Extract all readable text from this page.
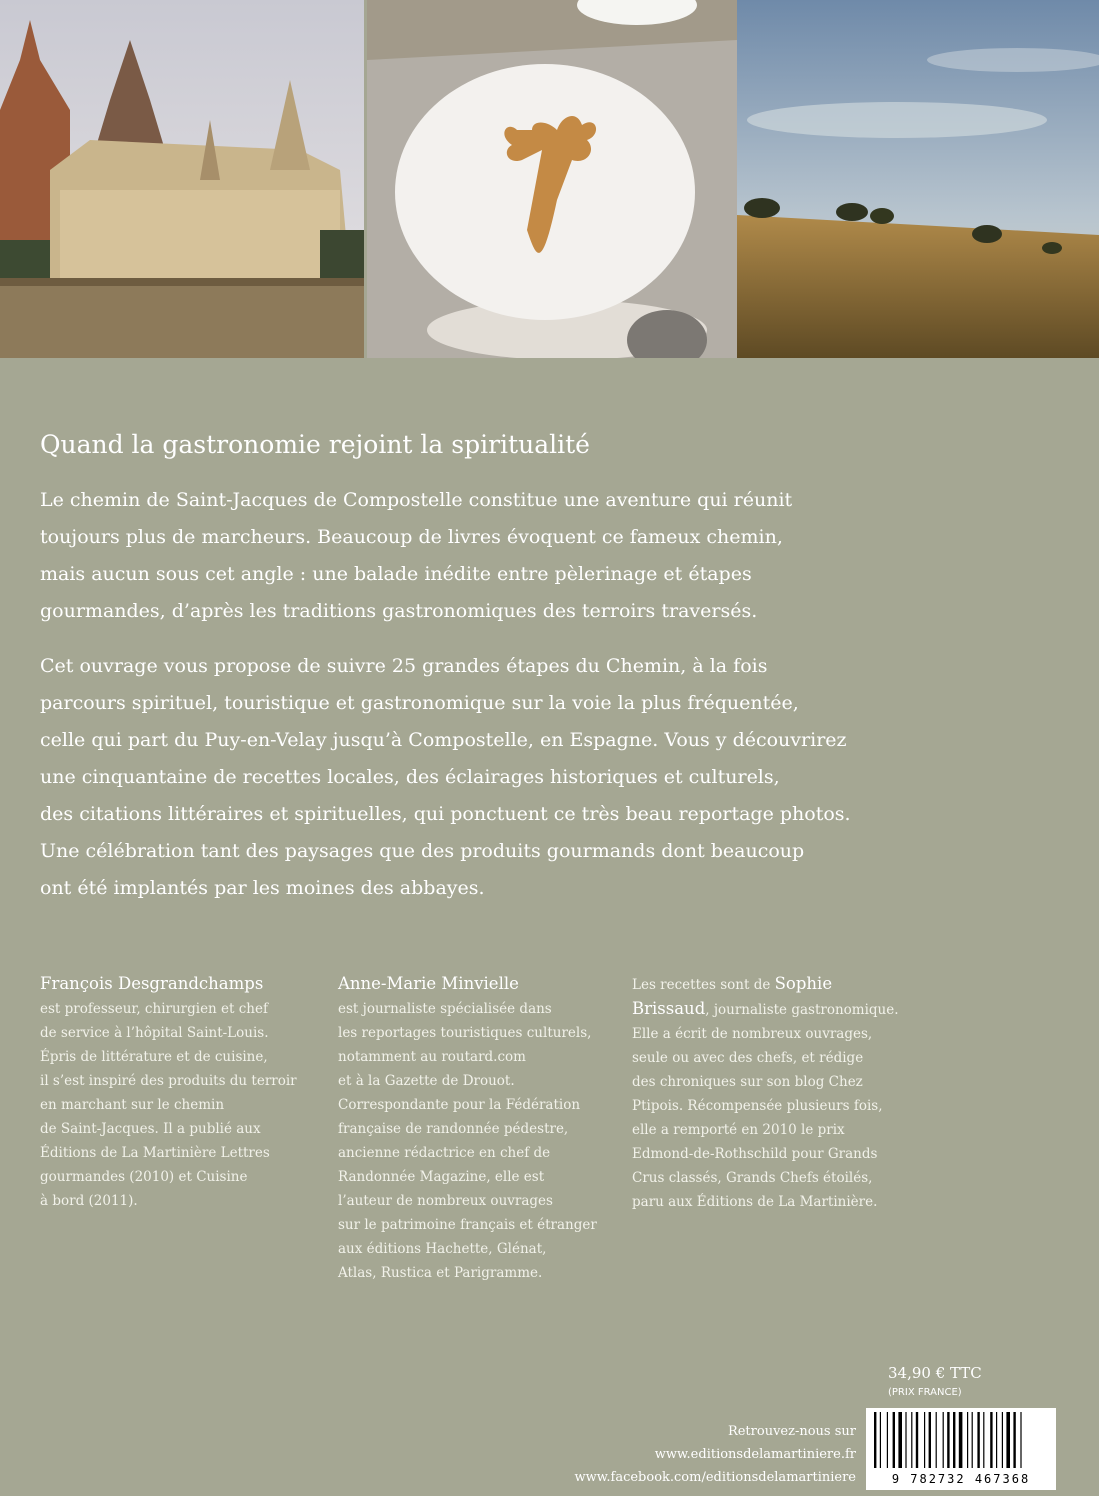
Quand la gastronomie rejoint la spiritualité

Le chemin de Saint-Jacques de Compostelle constitue une aventure qui réunit
toujours plus de marcheurs. Beaucoup de livres évoquent ce fameux chemin,
mais aucun sous cet angle : une balade inédite entre pèlerinage et étapes
gourmandes, d’après les traditions gastronomiques des terroirs traversés.

Cet ouvrage vous propose de suivre 25 grandes étapes du Chemin, à la fois
parcours spirituel, touristique et gastronomique sur la voie la plus fréquentée,
celle qui part du Puy-en-Velay jusqu’à Compostelle, en Espagne. Vous y découvrirez
une cinquantaine de recettes locales, des éclairages historiques et culturels,
des citations littéraires et spirituelles, qui ponctuent ce très beau reportage photos.
Une célébration tant des paysages que des produits gourmands dont beaucoup
ont été implantés par les moines des abbayes.

François Desgrandchamps
est professeur, chirurgien et chef
de service à l’hôpital Saint-Louis.
Épris de littérature et de cuisine,
il s’est inspiré des produits du terroir
en marchant sur le chemin
de Saint-Jacques. Il a publié aux
Éditions de La Martinière Lettres
gourmandes (2010) et Cuisine
à bord (2011).
Anne-Marie Minvielle
est journaliste spécialisée dans
les reportages touristiques culturels,
notamment au routard.com
et à la Gazette de Drouot.
Correspondante pour la Fédération
française de randonnée pédestre,
ancienne rédactrice en chef de
Randonnée Magazine, elle est
l’auteur de nombreux ouvrages
sur le patrimoine français et étranger
aux éditions Hachette, Glénat,
Atlas, Rustica et Parigramme.
Les recettes sont de Sophie
Brissaud, journaliste gastronomique.
Elle a écrit de nombreux ouvrages,
seule ou avec des chefs, et rédige
des chroniques sur son blog Chez
Ptipois. Récompensée plusieurs fois,
elle a remporté en 2010 le prix
Edmond-de-Rothschild pour Grands
Crus classés, Grands Chefs étoilés,
paru aux Éditions de La Martinière.
34,90 € TTC
(PRIX FRANCE)
Retrouvez-nous sur
www.editionsdelamartiniere.fr
www.facebook.com/editionsdelamartiniere	9 782732 467368
